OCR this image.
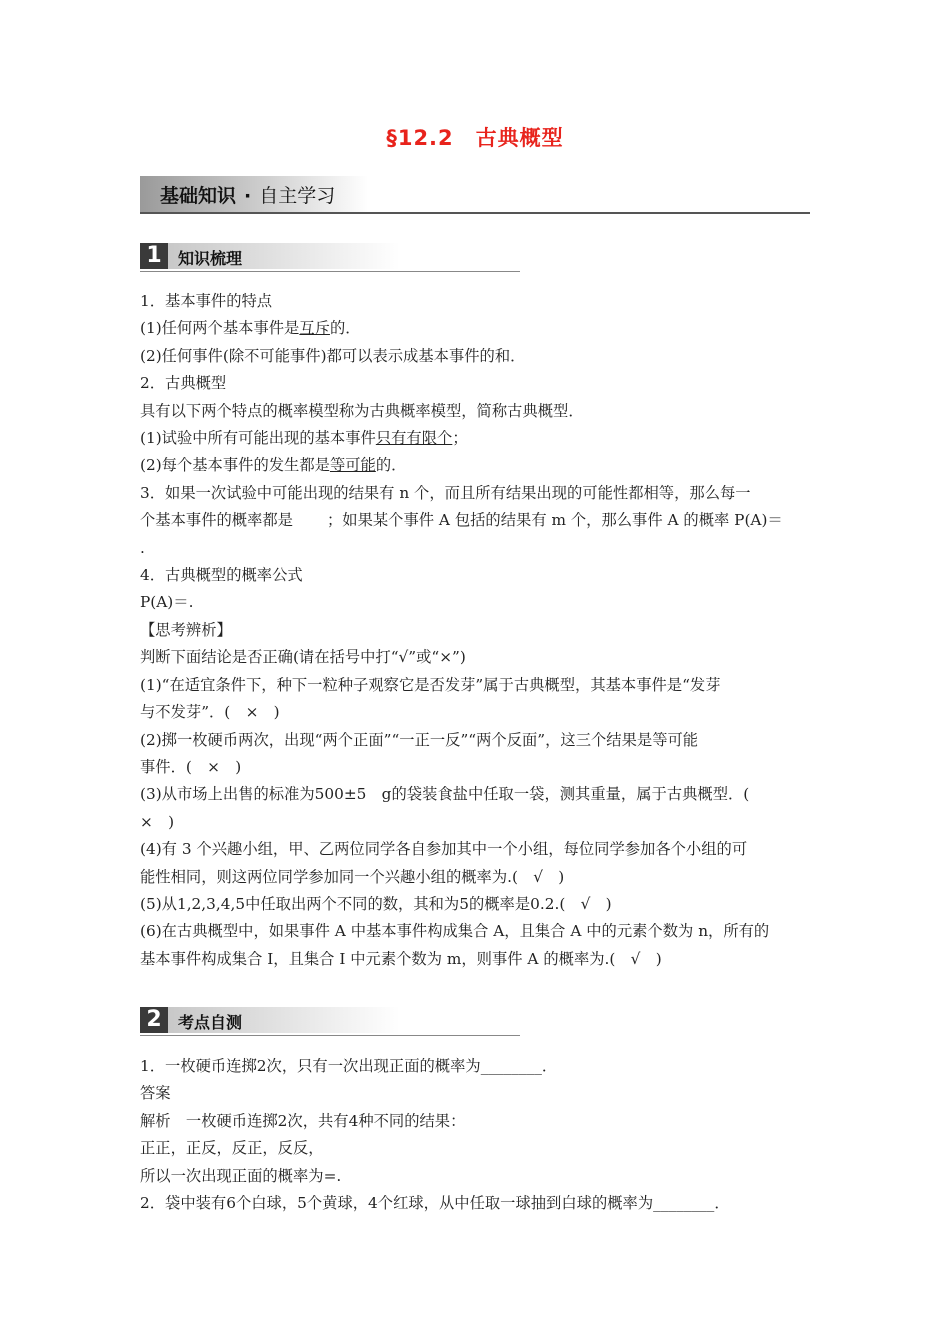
§12.2 古典概型
基础知识 · 自主学习
1	知识梳理

1．基本事件的特点

(1)任何两个基本事件是互斥的．

(2)任何事件(除不可能事件)都可以表示成基本事件的和．

2．古典概型

具有以下两个特点的概率模型称为古典概率模型，简称古典概型．

(1)试验中所有可能出现的基本事件只有有限个；

(2)每个基本事件的发生都是等可能的．

3．如果一次试验中可能出现的结果有 n 个，而且所有结果出现的可能性都相等，那么每一

个基本事件的概率都是 ；如果某个事件 A 包括的结果有 m 个，那么事件 A 的概率 P(A)＝

.

4．古典概型的概率公式

P(A)＝.

【思考辨析】

判断下面结论是否正确(请在括号中打“√”或“×”)

(1)“在适宜条件下，种下一粒种子观察它是否发芽”属于古典概型，其基本事件是“发芽

与不发芽”．(　×　)

(2)掷一枚硬币两次，出现“两个正面”“一正一反”“两个反面”，这三个结果是等可能

事件．(　×　)

(3)从市场上出售的标准为500±5　g的袋装食盐中任取一袋，测其重量，属于古典概型．(

×　)

(4)有 3 个兴趣小组，甲、乙两位同学各自参加其中一个小组，每位同学参加各个小组的可

能性相同，则这两位同学参加同一个兴趣小组的概率为.(　√　)

(5)从1,2,3,4,5中任取出两个不同的数，其和为5的概率是0.2.(　√　)

(6)在古典概型中，如果事件 A 中基本事件构成集合 A，且集合 A 中的元素个数为 n，所有的

基本事件构成集合 I，且集合 I 中元素个数为 m，则事件 A 的概率为.(　√　)

2	考点自测

1．一枚硬币连掷2次，只有一次出现正面的概率为________．

答案

解析　一枚硬币连掷2次，共有4种不同的结果：

正正，正反，反正，反反，

所以一次出现正面的概率为=.

2．袋中装有6个白球，5个黄球，4个红球，从中任取一球抽到白球的概率为________．
